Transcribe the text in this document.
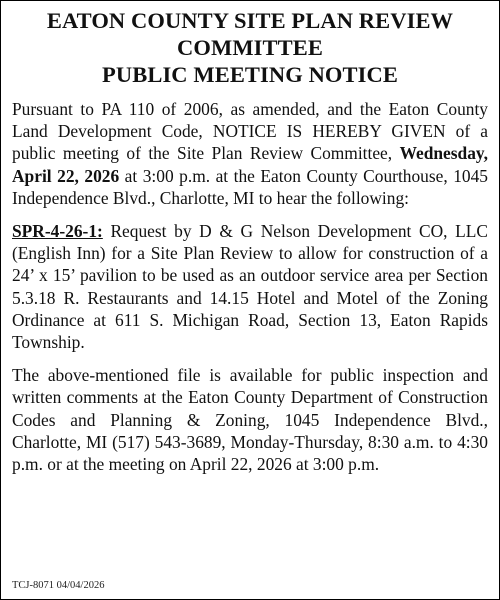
EATON COUNTY SITE PLAN REVIEW
COMMITTEE
PUBLIC MEETING NOTICE

Pursuant to PA 110 of 2006, as amended, and the Eaton County Land Development Code, NOTICE IS HEREBY GIVEN of a public meeting of the Site Plan Review Committee, Wednesday, April 22, 2026 at 3:00 p.m. at the Eaton County Courthouse, 1045 Independence Blvd., Charlotte, MI to hear the following:

SPR-4-26-1: Request by D & G Nelson Development CO, LLC (English Inn) for a Site Plan Review to allow for construction of a 24’ x 15’ pavilion to be used as an outdoor service area per Section 5.3.18 R. Restaurants and 14.15 Hotel and Motel of the Zoning Ordinance at 611 S. Michigan Road, Section 13, Eaton Rapids Township.

The above-mentioned file is available for public inspection and written comments at the Eaton County Department of Construction Codes and Planning & Zoning, 1045 Independence Blvd., Charlotte, MI (517) 543-3689, Monday-Thursday, 8:30 a.m. to 4:30 p.m. or at the meeting on April 22, 2026 at 3:00 p.m.

TCJ-8071 04/04/2026
